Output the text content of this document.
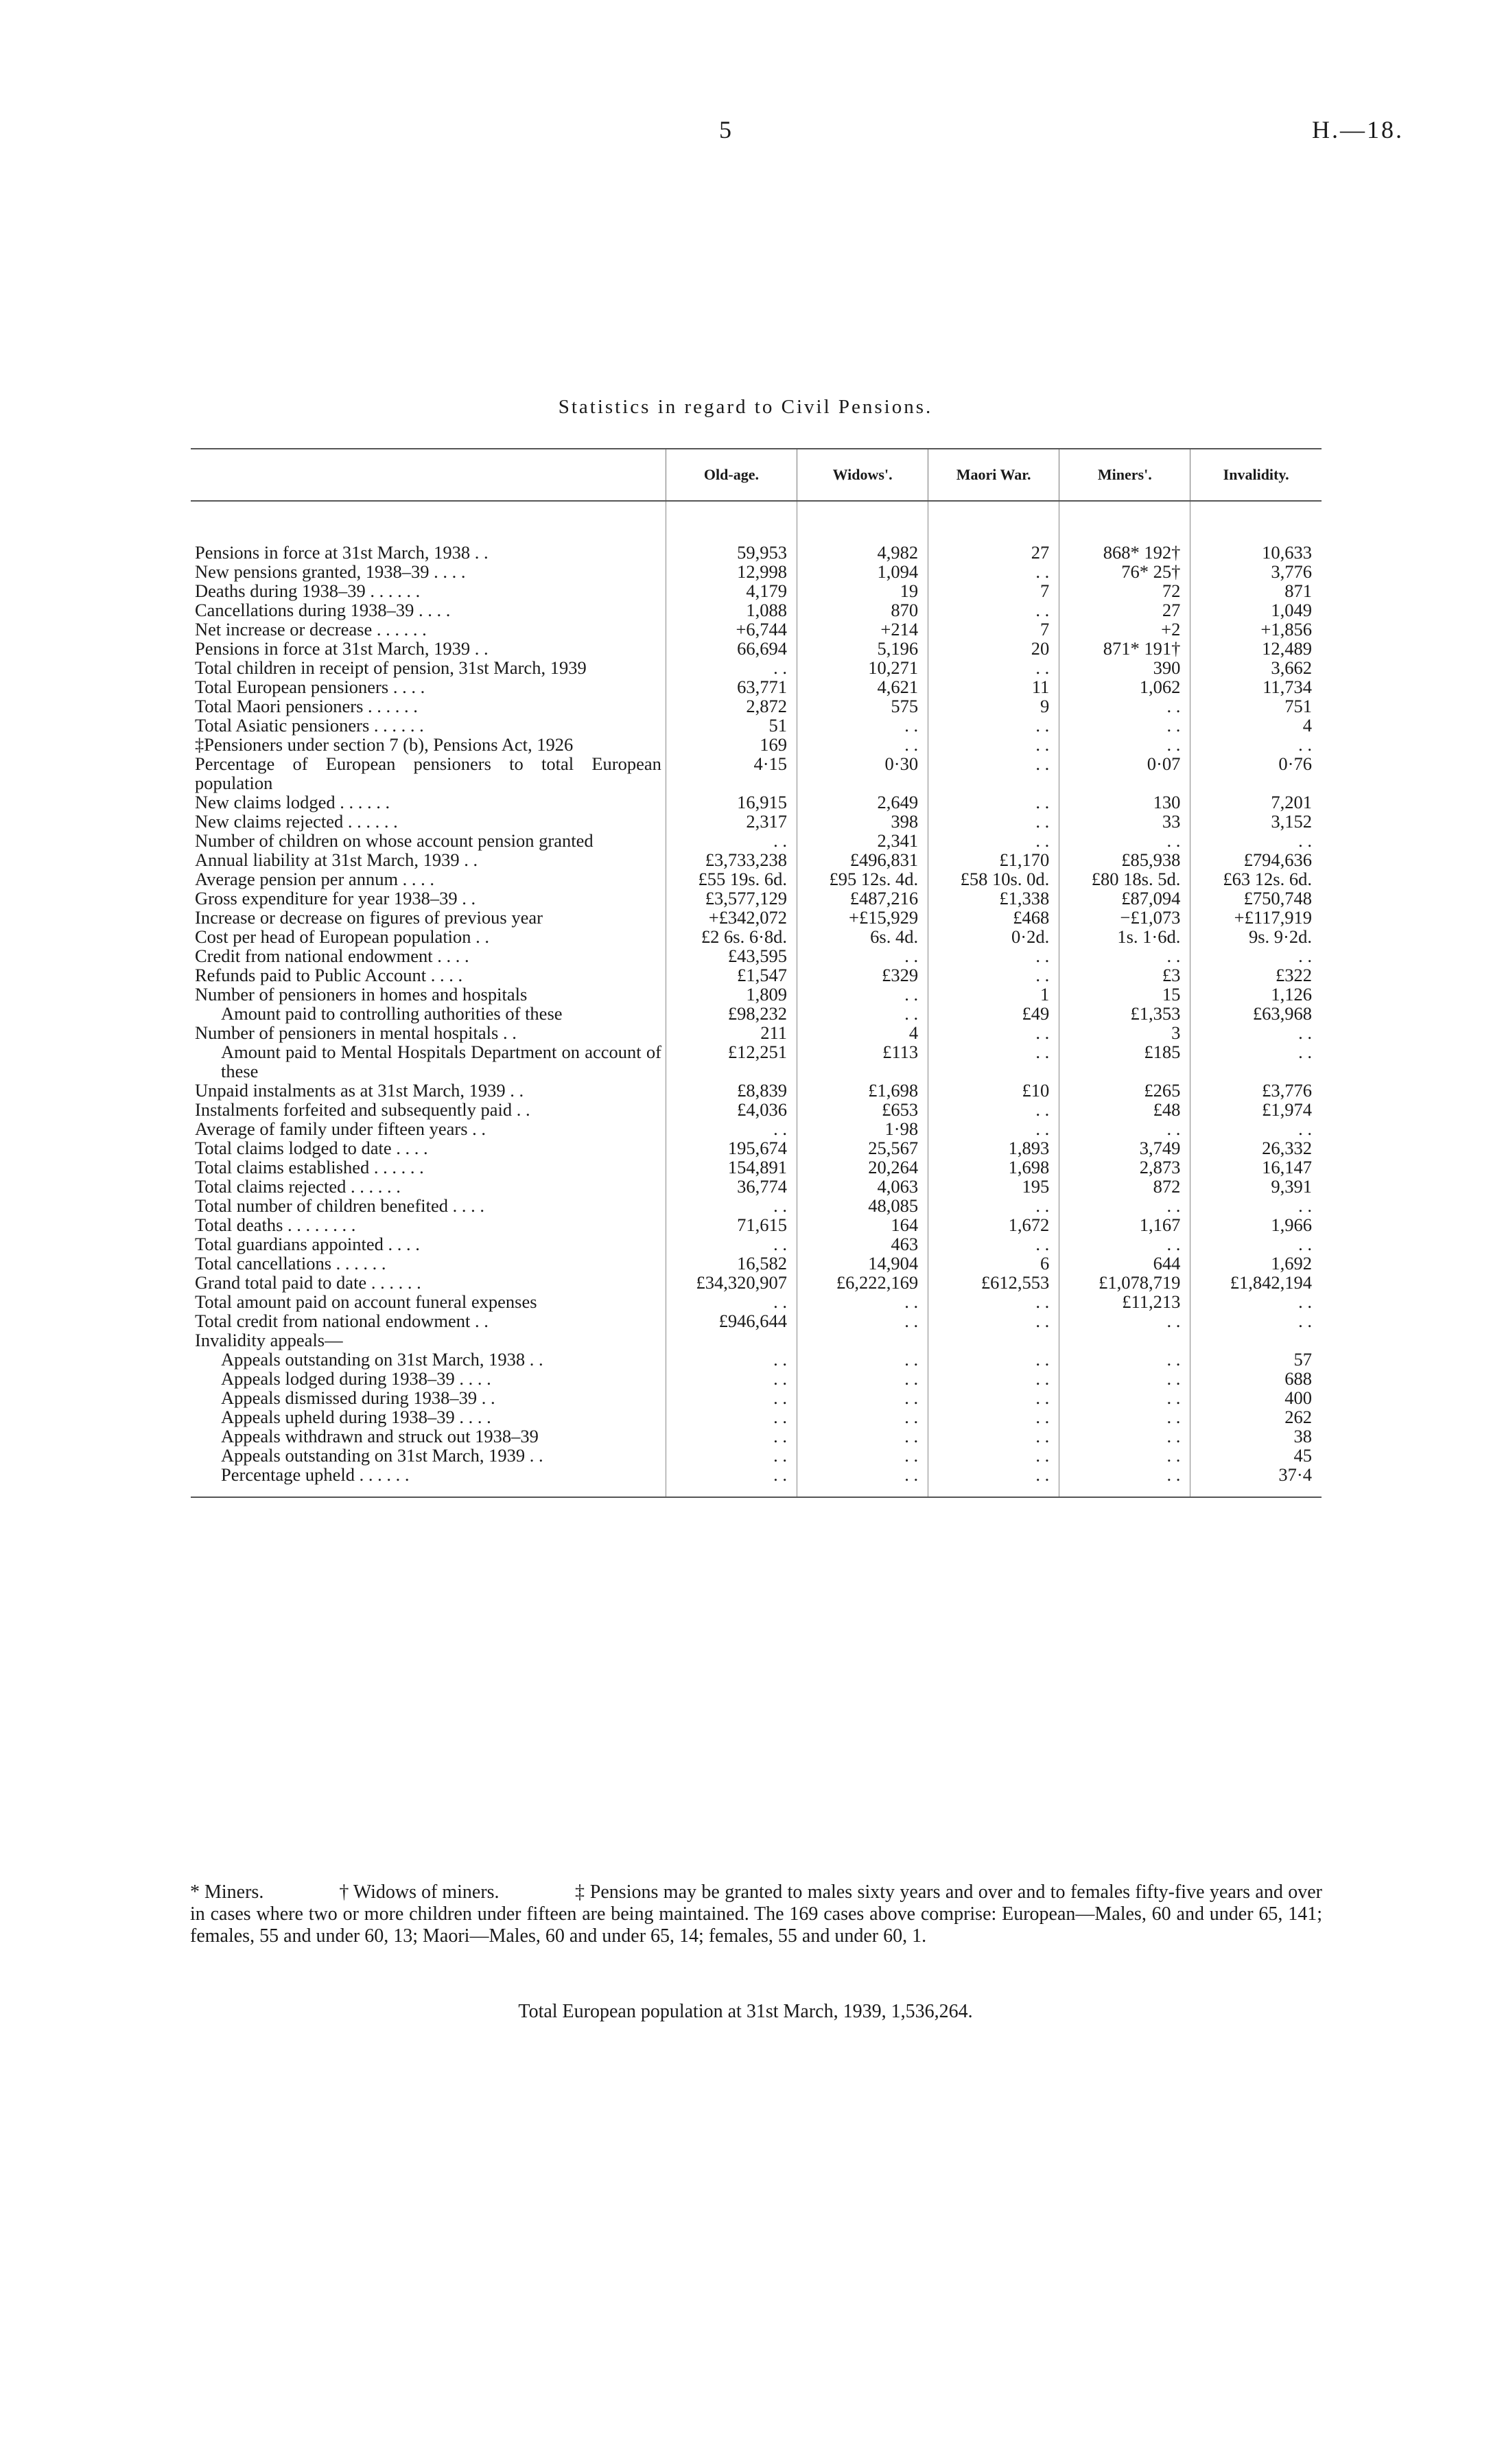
5	H.—18.
Statistics in regard to Civil Pensions.
	Old-age.	Widows'.	Maori War.	Miners'.	Invalidity.

Pensions in force at 31st March, 1938 . .	59,953	4,982	27	868* 192†	10,633
New pensions granted, 1938–39 . . . .	12,998	1,094	. .	76* 25†	3,776
Deaths during 1938–39 . . . . . .	4,179	19	7	72	871
Cancellations during 1938–39 . . . .	1,088	870	. .	27	1,049
Net increase or decrease . . . . . .	+6,744	+214	7	+2	+1,856
Pensions in force at 31st March, 1939 . .	66,694	5,196	20	871* 191†	12,489
Total children in receipt of pension, 31st March, 1939	. .	10,271	. .	390	3,662
Total European pensioners . . . .	63,771	4,621	11	1,062	11,734
Total Maori pensioners . . . . . .	2,872	575	9	. .	751
Total Asiatic pensioners . . . . . .	51	. .	. .	. .	4
‡Pensioners under section 7 (b), Pensions Act, 1926	169	. .	. .	. .	. .
Percentage of European pensioners to total European population	4·15	0·30	. .	0·07	0·76
New claims lodged . . . . . .	16,915	2,649	. .	130	7,201
New claims rejected . . . . . .	2,317	398	. .	33	3,152
Number of children on whose account pension granted	. .	2,341	. .	. .	. .
Annual liability at 31st March, 1939 . .	£3,733,238	£496,831	£1,170	£85,938	£794,636
Average pension per annum . . . .	£55 19s. 6d.	£95 12s. 4d.	£58 10s. 0d.	£80 18s. 5d.	£63 12s. 6d.
Gross expenditure for year 1938–39 . .	£3,577,129	£487,216	£1,338	£87,094	£750,748
Increase or decrease on figures of previous year	+£342,072	+£15,929	£468	−£1,073	+£117,919
Cost per head of European population . .	£2 6s. 6·8d.	6s. 4d.	0·2d.	1s. 1·6d.	9s. 9·2d.
Credit from national endowment . . . .	£43,595	. .	. .	. .	. .
Refunds paid to Public Account . . . .	£1,547	£329	. .	£3	£322
Number of pensioners in homes and hospitals	1,809	. .	1	15	1,126
Amount paid to controlling authorities of these	£98,232	. .	£49	£1,353	£63,968
Number of pensioners in mental hospitals . .	211	4	. .	3	. .
Amount paid to Mental Hospitals Department on account of these	£12,251	£113	. .	£185	. .
Unpaid instalments as at 31st March, 1939 . .	£8,839	£1,698	£10	£265	£3,776
Instalments forfeited and subsequently paid . .	£4,036	£653	. .	£48	£1,974
Average of family under fifteen years . .	. .	1·98	. .	. .	. .
Total claims lodged to date . . . .	195,674	25,567	1,893	3,749	26,332
Total claims established . . . . . .	154,891	20,264	1,698	2,873	16,147
Total claims rejected . . . . . .	36,774	4,063	195	872	9,391
Total number of children benefited . . . .	. .	48,085	. .	. .	. .
Total deaths . . . . . . . .	71,615	164	1,672	1,167	1,966
Total guardians appointed . . . .	. .	463	. .	. .	. .
Total cancellations . . . . . .	16,582	14,904	6	644	1,692
Grand total paid to date . . . . . .	£34,320,907	£6,222,169	£612,553	£1,078,719	£1,842,194
Total amount paid on account funeral expenses	. .	. .	. .	£11,213	. .
Total credit from national endowment . .	£946,644	. .	. .	. .	. .
Invalidity appeals—					
Appeals outstanding on 31st March, 1938 . .	. .	. .	. .	. .	57
Appeals lodged during 1938–39 . . . .	. .	. .	. .	. .	688
Appeals dismissed during 1938–39 . .	. .	. .	. .	. .	400
Appeals upheld during 1938–39 . . . .	. .	. .	. .	. .	262
Appeals withdrawn and struck out 1938–39	. .	. .	. .	. .	38
Appeals outstanding on 31st March, 1939 . .	. .	. .	. .	. .	45
Percentage upheld . . . . . .	. .	. .	. .	. .	37·4

* Miners.	† Widows of miners.	‡ Pensions may be granted to males sixty years and over and to females fifty-five years and over in cases where two or more children under fifteen are being maintained. The 169 cases above comprise: European—Males, 60 and under 65, 141; females, 55 and under 60, 13; Maori—Males, 60 and under 65, 14; females, 55 and under 60, 1.

Total European population at 31st March, 1939, 1,536,264.
